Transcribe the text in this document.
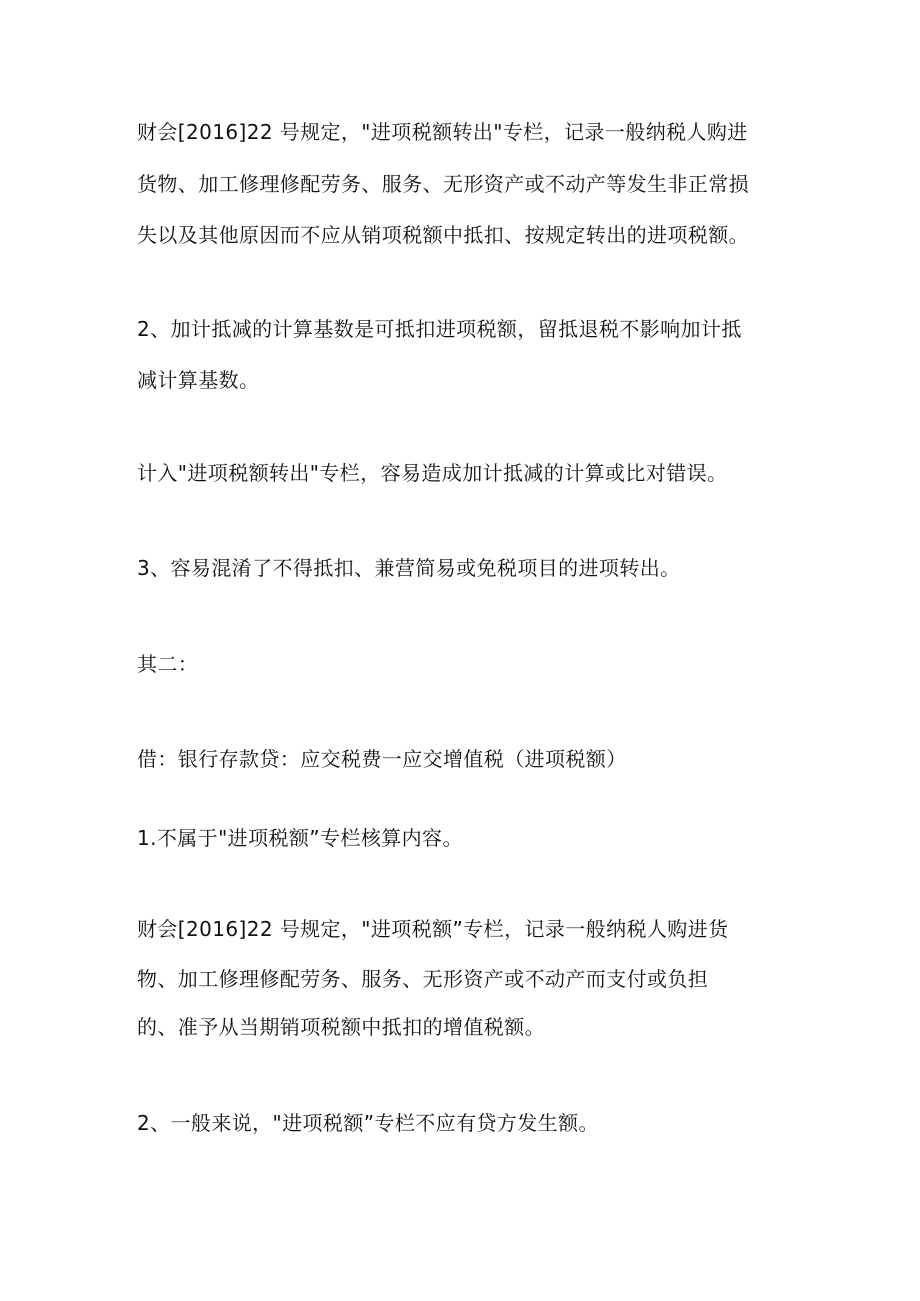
财会[2016]22 号规定，"进项税额转出"专栏，记录一般纳税人购进
货物、加工修理修配劳务、服务、无形资产或不动产等发生非正常损
失以及其他原因而不应从销项税额中抵扣、按规定转出的进项税额。
2、加计抵减的计算基数是可抵扣进项税额，留抵退税不影响加计抵
减计算基数。
计入"进项税额转出"专栏，容易造成加计抵减的计算或比对错误。
3、容易混淆了不得抵扣、兼营简易或免税项目的进项转出。
其二：
借：银行存款贷：应交税费一应交增值税（进项税额）
1.不属于"进项税额”专栏核算内容。
财会[2016]22 号规定，"进项税额”专栏，记录一般纳税人购进货
物、加工修理修配劳务、服务、无形资产或不动产而支付或负担
的、准予从当期销项税额中抵扣的增值税额。
2、一般来说，"进项税额”专栏不应有贷方发生额。
